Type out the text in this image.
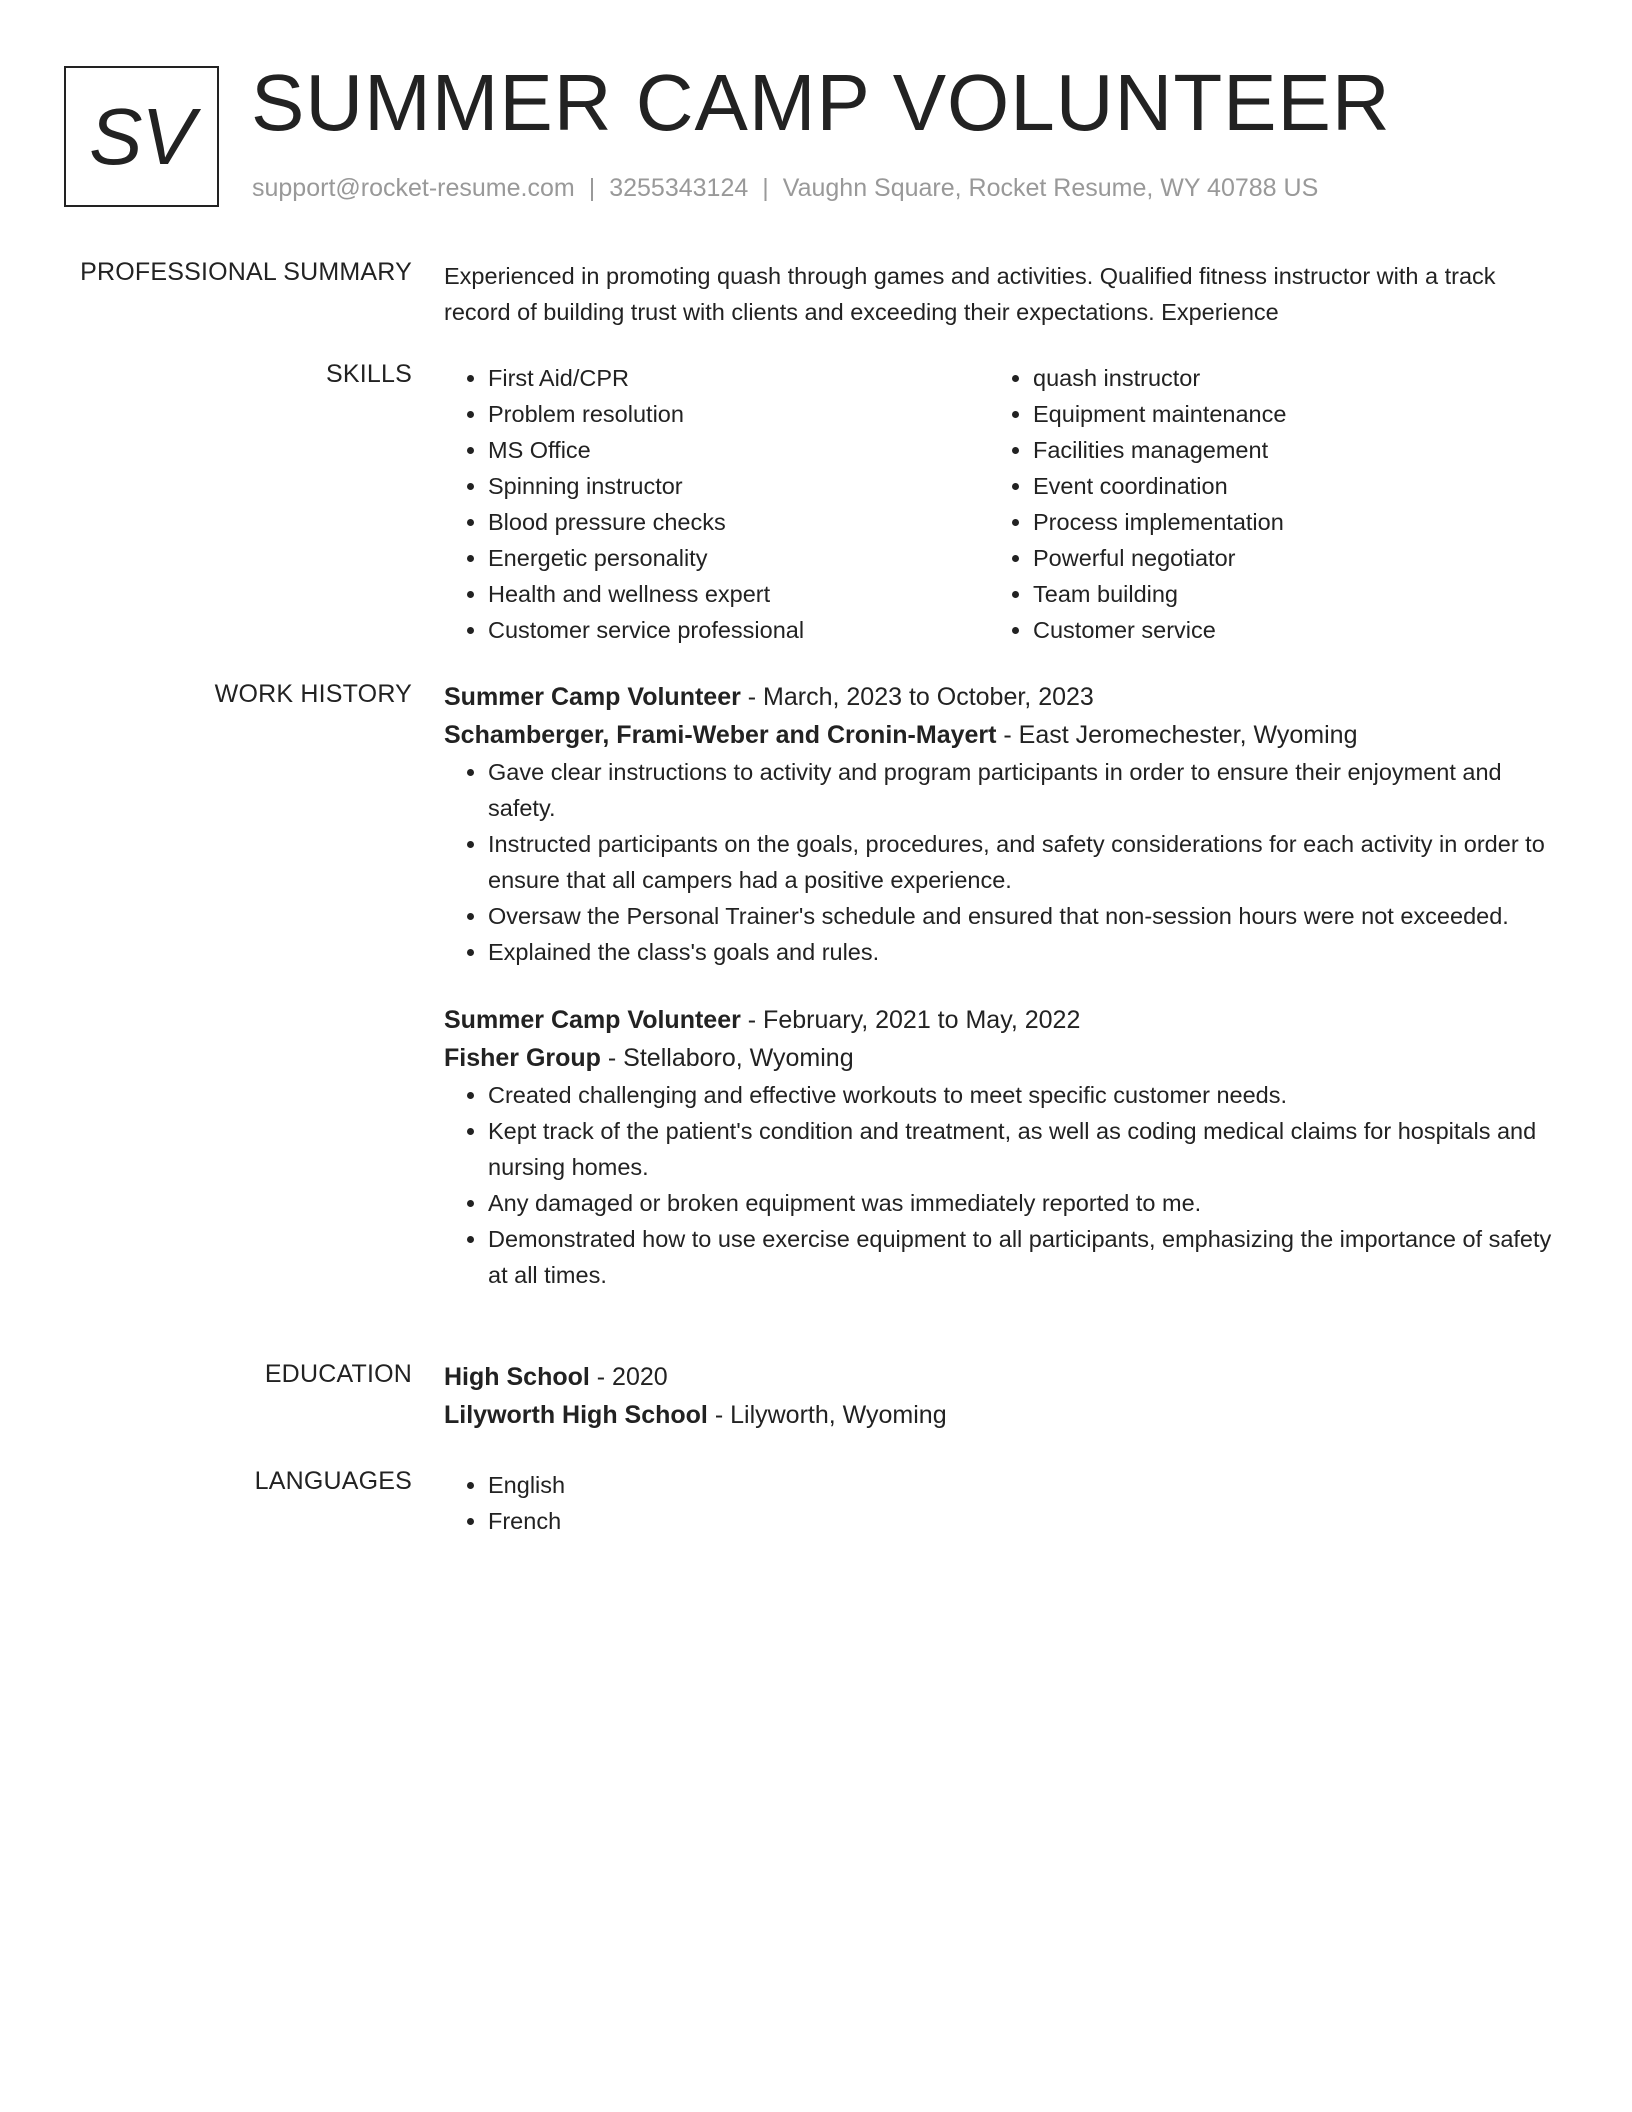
SV SUMMER CAMP VOLUNTEER
support@rocket-resume.com | 3255343124 | Vaughn Square, Rocket Resume, WY 40788 US
PROFESSIONAL SUMMARY Experienced in promoting quash through games and activities. Qualified fitness instructor with a track record of building trust with clients and exceeding their expectations. Experience

SKILLS	• First Aid/CPR
• Problem resolution
• MS Office
• Spinning instructor
• Blood pressure checks
• Energetic personality
• Health and wellness expert
• Customer service professional
• quash instructor
• Equipment maintenance
• Facilities management
• Event coordination
• Process implementation
• Powerful negotiator
• Team building
• Customer service
WORK HISTORY Summer Camp Volunteer - March, 2023 to October, 2023
Schamberger, Frami-Weber and Cronin-Mayert - East Jeromechester, Wyoming
• Gave clear instructions to activity and program participants in order to ensure their enjoyment and safety.
• Instructed participants on the goals, procedures, and safety considerations for each activity in order to ensure that all campers had a positive experience.
• Oversaw the Personal Trainer's schedule and ensured that non-session hours were not exceeded.
• Explained the class's goals and rules.
Summer Camp Volunteer - February, 2021 to May, 2022
Fisher Group - Stellaboro, Wyoming
• Created challenging and effective workouts to meet specific customer needs.
• Kept track of the patient's condition and treatment, as well as coding medical claims for hospitals and nursing homes.
• Any damaged or broken equipment was immediately reported to me.
• Demonstrated how to use exercise equipment to all participants, emphasizing the importance of safety at all times.
EDUCATION High School - 2020
Lilyworth High School - Lilyworth, Wyoming
LANGUAGES	• English
• French
